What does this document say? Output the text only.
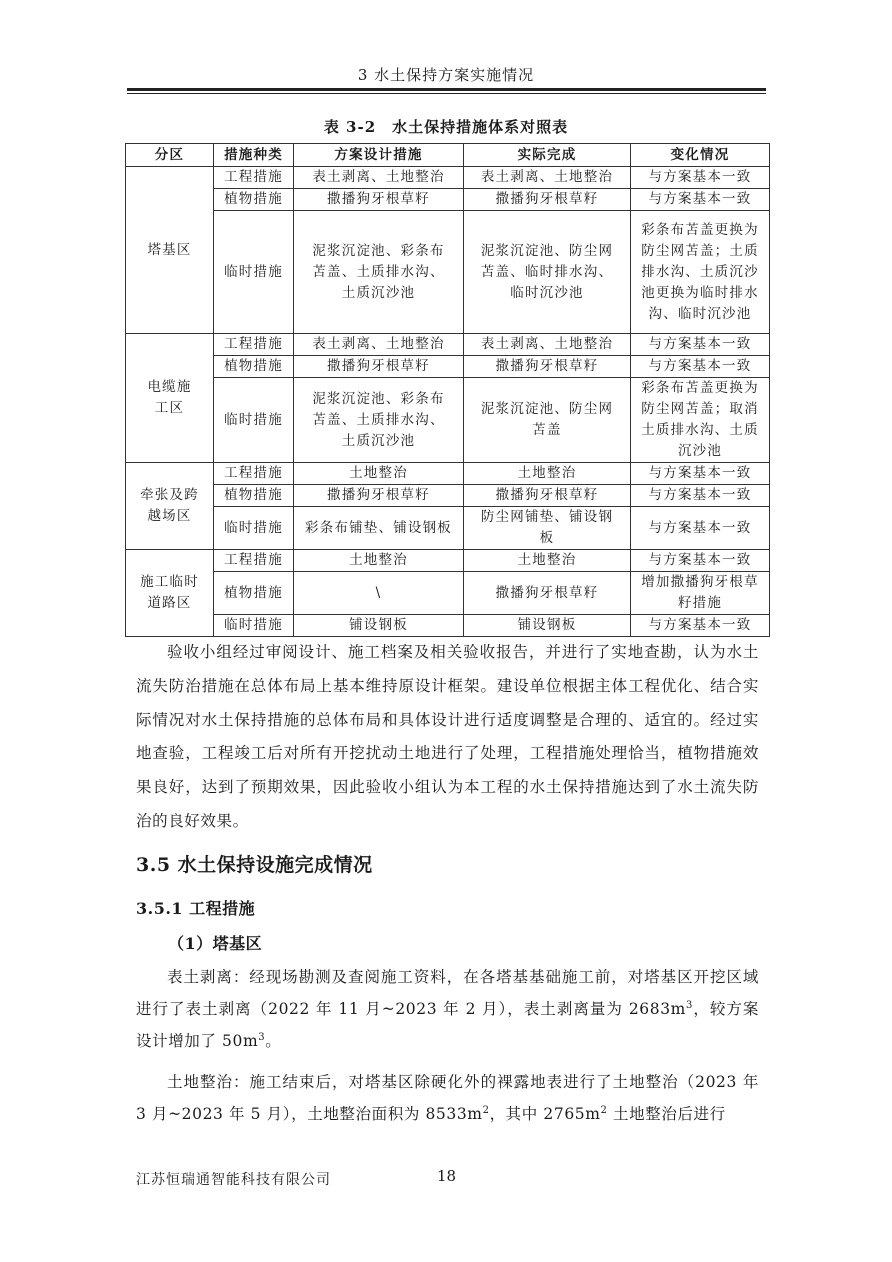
3 水土保持方案实施情况
表 3-2　水土保持措施体系对照表
分区	措施种类	方案设计措施	实际完成	变化情况
塔基区	工程措施	表土剥离、土地整治	表土剥离、土地整治	与方案基本一致
	植物措施	撒播狗牙根草籽	撒播狗牙根草籽	与方案基本一致
	临时措施	泥浆沉淀池、彩条布苫盖、土质排水沟、土质沉沙池	泥浆沉淀池、防尘网苫盖、临时排水沟、临时沉沙池	彩条布苫盖更换为防尘网苫盖；土质排水沟、土质沉沙池更换为临时排水沟、临时沉沙池
电缆施工区	工程措施	表土剥离、土地整治	表土剥离、土地整治	与方案基本一致
	植物措施	撒播狗牙根草籽	撒播狗牙根草籽	与方案基本一致
	临时措施	泥浆沉淀池、彩条布苫盖、土质排水沟、土质沉沙池	泥浆沉淀池、防尘网苫盖	彩条布苫盖更换为防尘网苫盖；取消土质排水沟、土质沉沙池
牵张及跨越场区	工程措施	土地整治	土地整治	与方案基本一致
	植物措施	撒播狗牙根草籽	撒播狗牙根草籽	与方案基本一致
	临时措施	彩条布铺垫、铺设钢板	防尘网铺垫、铺设钢板	与方案基本一致
施工临时道路区	工程措施	土地整治	土地整治	与方案基本一致
	植物措施	\	撒播狗牙根草籽	增加撒播狗牙根草籽措施
	临时措施	铺设钢板	铺设钢板	与方案基本一致

验收小组经过审阅设计、施工档案及相关验收报告，并进行了实地查勘，认为水土流失防治措施在总体布局上基本维持原设计框架。建设单位根据主体工程优化、结合实际情况对水土保持措施的总体布局和具体设计进行适度调整是合理的、适宜的。经过实地查验，工程竣工后对所有开挖扰动土地进行了处理，工程措施处理恰当，植物措施效果良好，达到了预期效果，因此验收小组认为本工程的水土保持措施达到了水土流失防治的良好效果。

3.5 水土保持设施完成情况
3.5.1 工程措施
（1）塔基区

表土剥离：经现场勘测及查阅施工资料，在各塔基基础施工前，对塔基区开挖区域进行了表土剥离（2022 年 11 月~2023 年 2 月），表土剥离量为 $2683m^3$，较方案设计增加了 $50m^3$。

土地整治：施工结束后，对塔基区除硬化外的裸露地表进行了土地整治（2023 年 3 月~2023 年 5 月），土地整治面积为 $8533m^2$，其中 $2765m^2$ 土地整治后进行

江苏恒瑞通智能科技有限公司	18
